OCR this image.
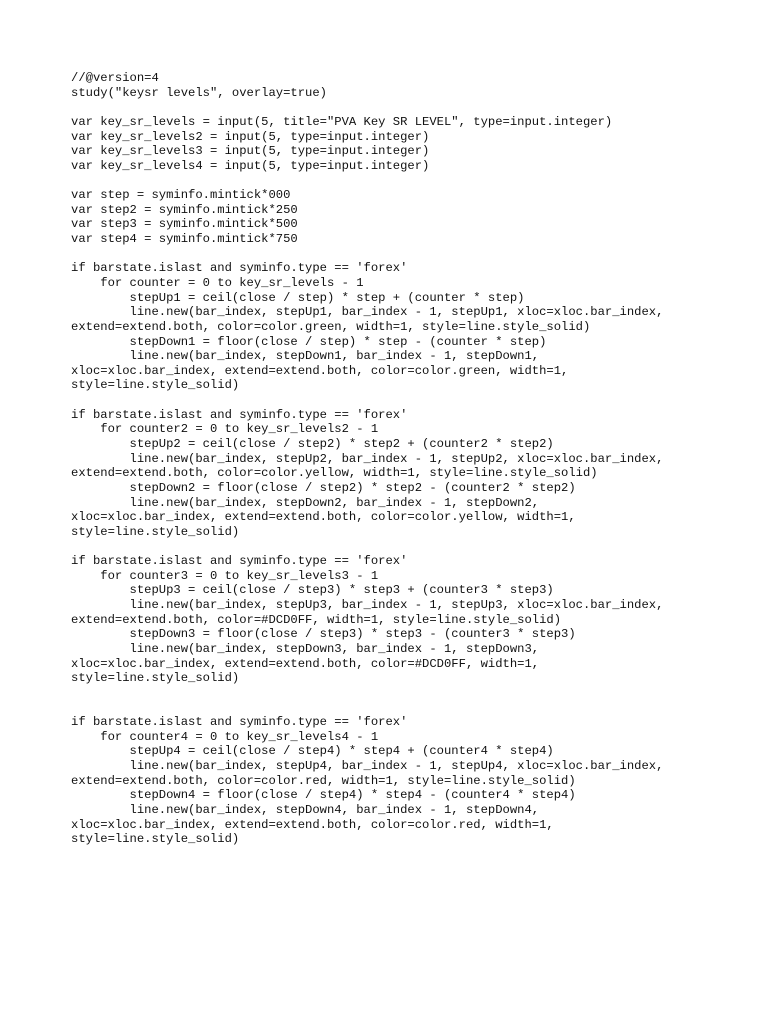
//@version=4
study("keysr levels", overlay=true)
var key_sr_levels = input(5, title="PVA Key SR LEVEL", type=input.integer)
var key_sr_levels2 = input(5, type=input.integer)
var key_sr_levels3 = input(5, type=input.integer)
var key_sr_levels4 = input(5, type=input.integer)
var step = syminfo.mintick*000
var step2 = syminfo.mintick*250
var step3 = syminfo.mintick*500
var step4 = syminfo.mintick*750
if barstate.islast and syminfo.type == 'forex'
for counter = 0 to key_sr_levels - 1
stepUp1 = ceil(close / step) * step + (counter * step)
line.new(bar_index, stepUp1, bar_index - 1, stepUp1, xloc=xloc.bar_index,
extend=extend.both, color=color.green, width=1, style=line.style_solid)
stepDown1 = floor(close / step) * step - (counter * step)
line.new(bar_index, stepDown1, bar_index - 1, stepDown1,
xloc=xloc.bar_index, extend=extend.both, color=color.green, width=1,
style=line.style_solid)
if barstate.islast and syminfo.type == 'forex'
for counter2 = 0 to key_sr_levels2 - 1
stepUp2 = ceil(close / step2) * step2 + (counter2 * step2)
line.new(bar_index, stepUp2, bar_index - 1, stepUp2, xloc=xloc.bar_index,
extend=extend.both, color=color.yellow, width=1, style=line.style_solid)
stepDown2 = floor(close / step2) * step2 - (counter2 * step2)
line.new(bar_index, stepDown2, bar_index - 1, stepDown2,
xloc=xloc.bar_index, extend=extend.both, color=color.yellow, width=1,
style=line.style_solid)
if barstate.islast and syminfo.type == 'forex'
for counter3 = 0 to key_sr_levels3 - 1
stepUp3 = ceil(close / step3) * step3 + (counter3 * step3)
line.new(bar_index, stepUp3, bar_index - 1, stepUp3, xloc=xloc.bar_index,
extend=extend.both, color=#DCD0FF, width=1, style=line.style_solid)
stepDown3 = floor(close / step3) * step3 - (counter3 * step3)
line.new(bar_index, stepDown3, bar_index - 1, stepDown3,
xloc=xloc.bar_index, extend=extend.both, color=#DCD0FF, width=1,
style=line.style_solid)
if barstate.islast and syminfo.type == 'forex'
for counter4 = 0 to key_sr_levels4 - 1
stepUp4 = ceil(close / step4) * step4 + (counter4 * step4)
line.new(bar_index, stepUp4, bar_index - 1, stepUp4, xloc=xloc.bar_index,
extend=extend.both, color=color.red, width=1, style=line.style_solid)
stepDown4 = floor(close / step4) * step4 - (counter4 * step4)
line.new(bar_index, stepDown4, bar_index - 1, stepDown4,
xloc=xloc.bar_index, extend=extend.both, color=color.red, width=1,
style=line.style_solid)
